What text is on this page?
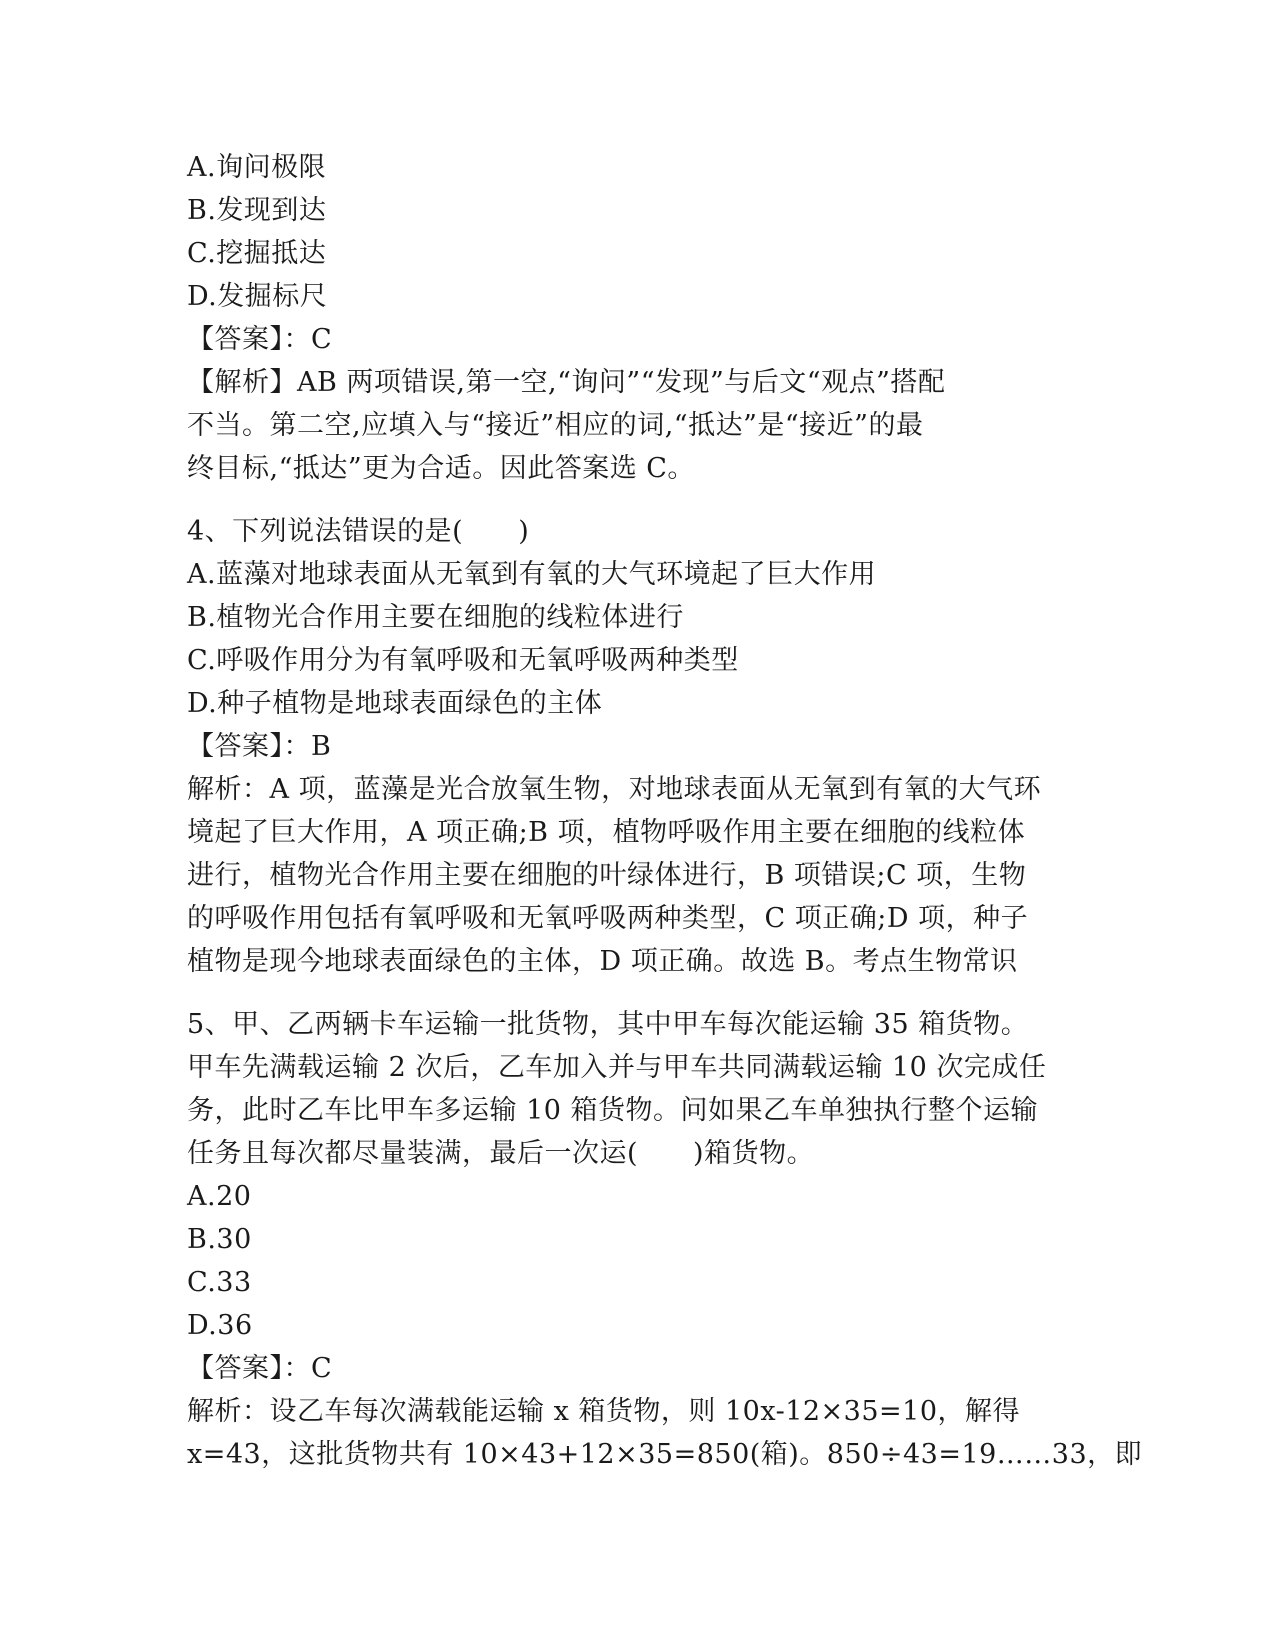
A.询问极限
B.发现到达
C.挖掘抵达
D.发掘标尺
【答案】：C
【解析】AB 两项错误,第一空,“询问”“发现”与后文“观点”搭配
不当。第二空,应填入与“接近”相应的词,“抵达”是“接近”的最
终目标,“抵达”更为合适。因此答案选 C。
4、下列说法错误的是(　　)
A.蓝藻对地球表面从无氧到有氧的大气环境起了巨大作用
B.植物光合作用主要在细胞的线粒体进行
C.呼吸作用分为有氧呼吸和无氧呼吸两种类型
D.种子植物是地球表面绿色的主体
【答案】：B
解析：A 项，蓝藻是光合放氧生物，对地球表面从无氧到有氧的大气环
境起了巨大作用，A 项正确;B 项，植物呼吸作用主要在细胞的线粒体
进行，植物光合作用主要在细胞的叶绿体进行，B 项错误;C 项，生物
的呼吸作用包括有氧呼吸和无氧呼吸两种类型，C 项正确;D 项，种子
植物是现今地球表面绿色的主体，D 项正确。故选 B。考点生物常识
5、甲、乙两辆卡车运输一批货物，其中甲车每次能运输 35 箱货物。
甲车先满载运输 2 次后，乙车加入并与甲车共同满载运输 10 次完成任
务，此时乙车比甲车多运输 10 箱货物。问如果乙车单独执行整个运输
任务且每次都尽量装满，最后一次运(　　)箱货物。
A.20
B.30
C.33
D.36
【答案】：C
解析：设乙车每次满载能运输 x 箱货物，则 10x-12×35=10，解得
x=43，这批货物共有 10×43+12×35=850(箱)。850÷43=19……33，即
